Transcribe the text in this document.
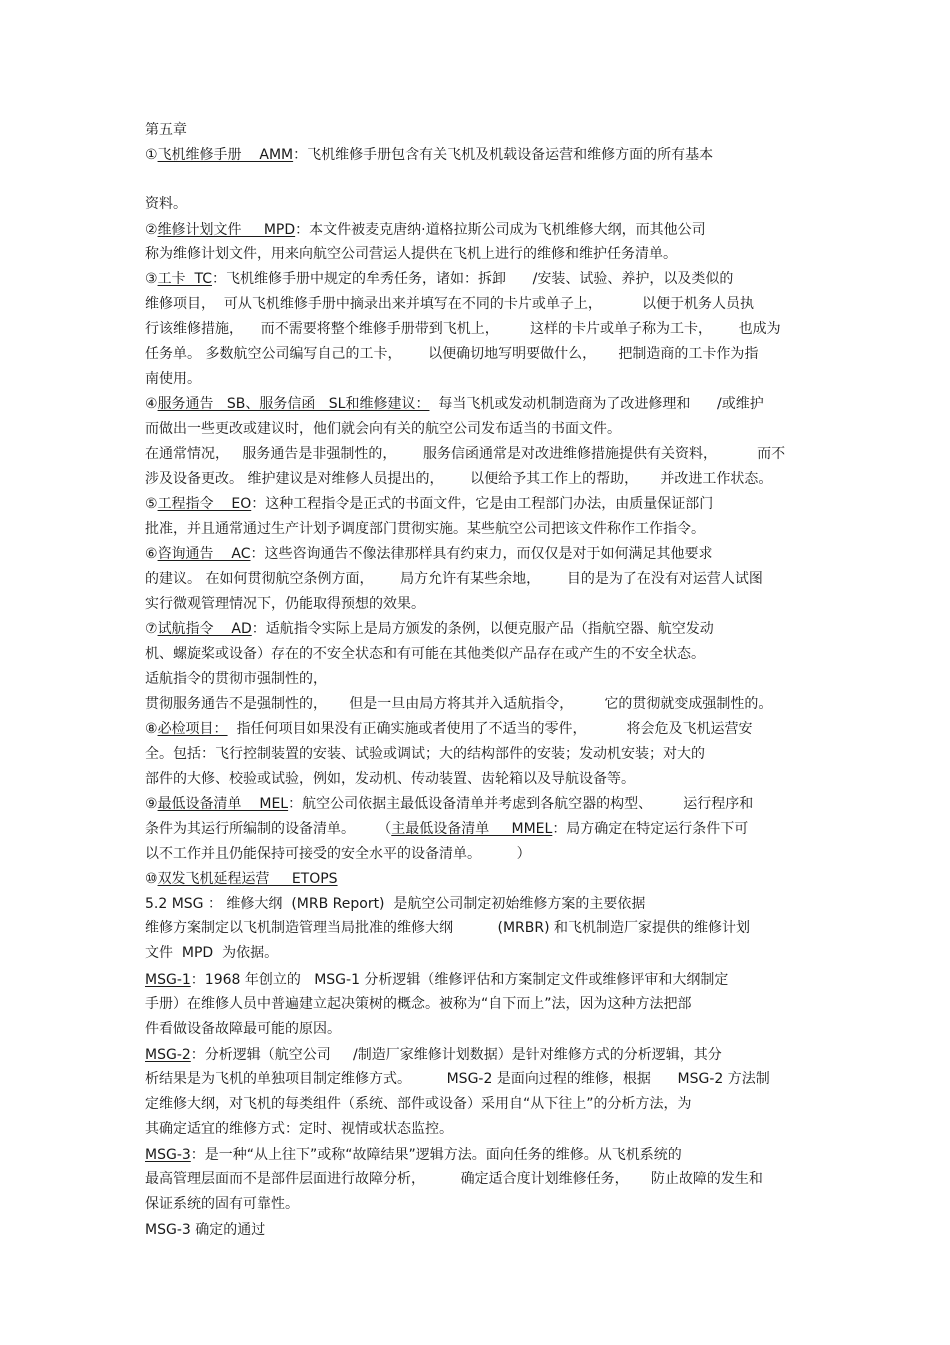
第五章
①飞机维修手册    AMM：飞机维修手册包含有关飞机及机载设备运营和维修方面的所有基本
资料。
②维修计划文件     MPD：本文件被麦克唐纳·道格拉斯公司成为飞机维修大纲，而其他公司
称为维修计划文件，用来向航空公司营运人提供在飞机上进行的维修和维护任务清单。
③工卡  TC：飞机维修手册中规定的牟秀任务，诸如：拆卸      /安装、试验、养护，以及类似的
维修项目，  可从飞机维修手册中摘录出来并填写在不同的卡片或单子上，         以便于机务人员执
行该维修措施，    而不需要将整个维修手册带到飞机上，       这样的卡片或单子称为工卡，      也成为
任务单。 多数航空公司编写自己的工卡，      以便确切地写明要做什么，     把制造商的工卡作为指
南使用。
④服务通告   SB、服务信函   SL和维修建议：  每当飞机或发动机制造商为了改进修理和      /或维护
而做出一些更改或建议时，他们就会向有关的航空公司发布适当的书面文件。
在通常情况，   服务通告是非强制性的，      服务信函通常是对改进维修措施提供有关资料，         而不
涉及设备更改。 维护建议是对维修人员提出的，      以便给予其工作上的帮助，     并改进工作状态。
⑤工程指令    EO：这种工程指令是正式的书面文件，它是由工程部门办法，由质量保证部门
批准，并且通常通过生产计划予调度部门贯彻实施。某些航空公司把该文件称作工作指令。
⑥咨询通告    AC：这些咨询通告不像法律那样具有约束力，而仅仅是对于如何满足其他要求
的建议。 在如何贯彻航空条例方面，      局方允许有某些余地，      目的是为了在没有对运营人试图
实行微观管理情况下，仍能取得预想的效果。
⑦试航指令    AD：适航指令实际上是局方颁发的条例，以便克服产品（指航空器、航空发动
机、螺旋桨或设备）存在的不安全状态和有可能在其他类似产品存在或产生的不安全状态。
适航指令的贯彻市强制性的，
贯彻服务通告不是强制性的，     但是一旦由局方将其并入适航指令，       它的贯彻就变成强制性的。
⑧必检项目：  指任何项目如果没有正确实施或者使用了不适当的零件，         将会危及飞机运营安
全。包括：飞行控制装置的安装、试验或调试；大的结构部件的安装；发动机安装；对大的
部件的大修、校验或试验，例如，发动机、传动装置、齿轮箱以及导航设备等。
⑨最低设备清单    MEL：航空公司依据主最低设备清单并考虑到各航空器的构型、       运行程序和
条件为其运行所编制的设备清单。     （主最低设备清单     MMEL：局方确定在特定运行条件下可
以不工作并且仍能保持可接受的安全水平的设备清单。        ）
⑩双发飞机延程运营     ETOPS
5.2 MSG ： 维修大纲  (MRB Report)  是航空公司制定初始维修方案的主要依据
维修方案制定以飞机制造管理当局批准的维修大纲          (MRBR) 和飞机制造厂家提供的维修计划
文件  MPD  为依据。
MSG-1：1968 年创立的   MSG-1 分析逻辑（维修评估和方案制定文件或维修评审和大纲制定
手册）在维修人员中普遍建立起决策树的概念。被称为“自下而上”法，因为这种方法把部
件看做设备故障最可能的原因。
MSG-2：分析逻辑（航空公司     /制造厂家维修计划数据）是针对维修方式的分析逻辑，其分
析结果是为飞机的单独项目制定维修方式。        MSG-2 是面向过程的维修，根据      MSG-2 方法制
定维修大纲，对飞机的每类组件（系统、部件或设备）采用自“从下往上”的分析方法，为
其确定适宜的维修方式：定时、视情或状态监控。
MSG-3：是一种“从上往下”或称“故障结果”逻辑方法。面向任务的维修。从飞机系统的
最高管理层面而不是部件层面进行故障分析，        确定适合度计划维修任务，     防止故障的发生和
保证系统的固有可靠性。
MSG-3 确定的通过
